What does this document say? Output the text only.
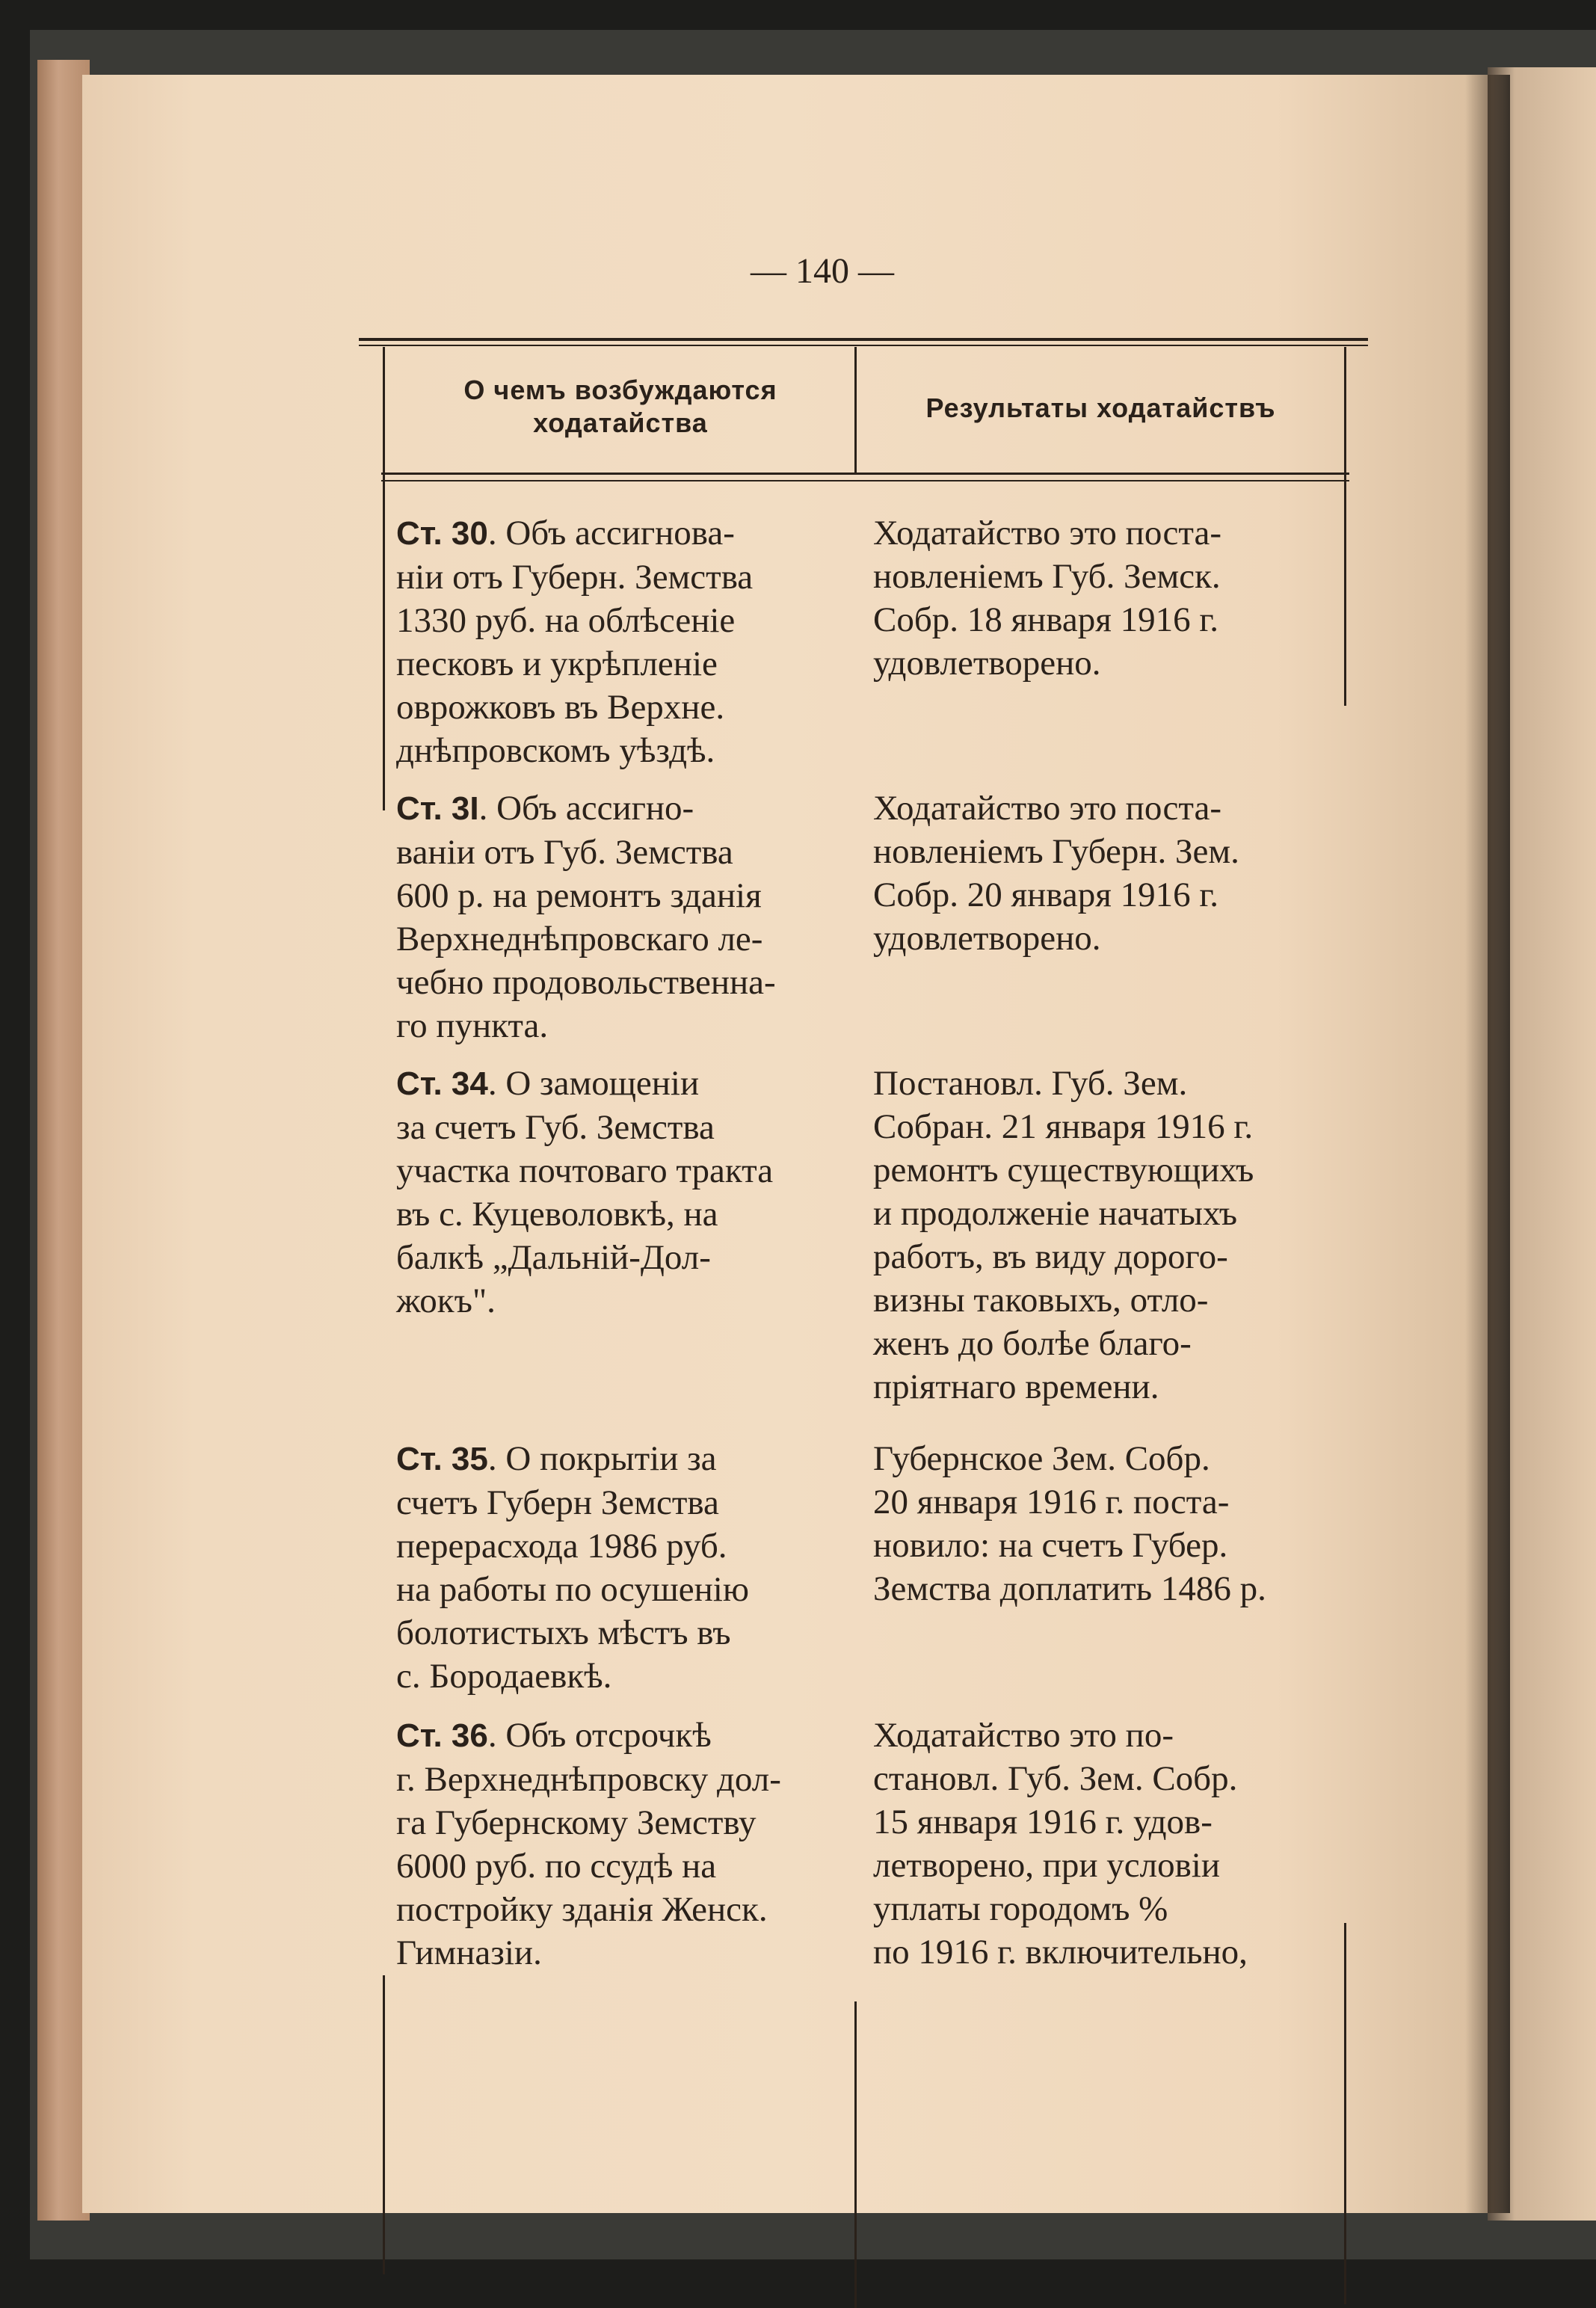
— 140 —
О чемъ возбуждаются
ходатайства	Результаты ходатайствъ
Ст. 30. Объ ассигнова-
ніи отъ Губерн. Земства
1330 руб. на облѣсеніе
песковъ и укрѣпленіе
оврожковъ въ Верхне.
днѣпровскомъ уѣздѣ.
Ходатайство это поста-
новленіемъ Губ. Земск.
Собр. 18 января 1916 г.
удовлетворено.
Ст. 3І. Объ ассигно-
ваніи отъ Губ. Земства
600 р. на ремонтъ зданія
Верхнеднѣпровскаго ле-
чебно продовольственна-
го пункта.
Ходатайство это поста-
новленіемъ Губерн. Зем.
Собр. 20 января 1916 г.
удовлетворено.
Ст. 34. О замощеніи
за счетъ Губ. Земства
участка почтоваго тракта
въ с. Куцеволовкѣ, на
балкѣ „Дальній-Дол-
жокъ".
Постановл. Губ. Зем.
Собран. 21 января 1916 г.
ремонтъ существующихъ
и продолженіе начатыхъ
работъ, въ виду дорого-
визны таковыхъ, отло-
женъ до болѣе благо-
пріятнаго времени.
Ст. 35. О покрытіи за
счетъ Губерн Земства
перерасхода 1986 руб.
на работы по осушенію
болотистыхъ мѣстъ въ
с. Бородаевкѣ.
Губернское Зем. Собр.
20 января 1916 г. поста-
новило: на счетъ Губер.
Земства доплатить 1486 р.
Ст. 36. Объ отсрочкѣ
г. Верхнеднѣпровску дол-
га Губернскому Земству
6000 руб. по ссудѣ на
постройку зданія Женск.
Гимназіи.
Ходатайство это по-
становл. Губ. Зем. Собр.
15 января 1916 г. удов-
летворено, при условіи
уплаты городомъ %
по 1916 г. включительно,
